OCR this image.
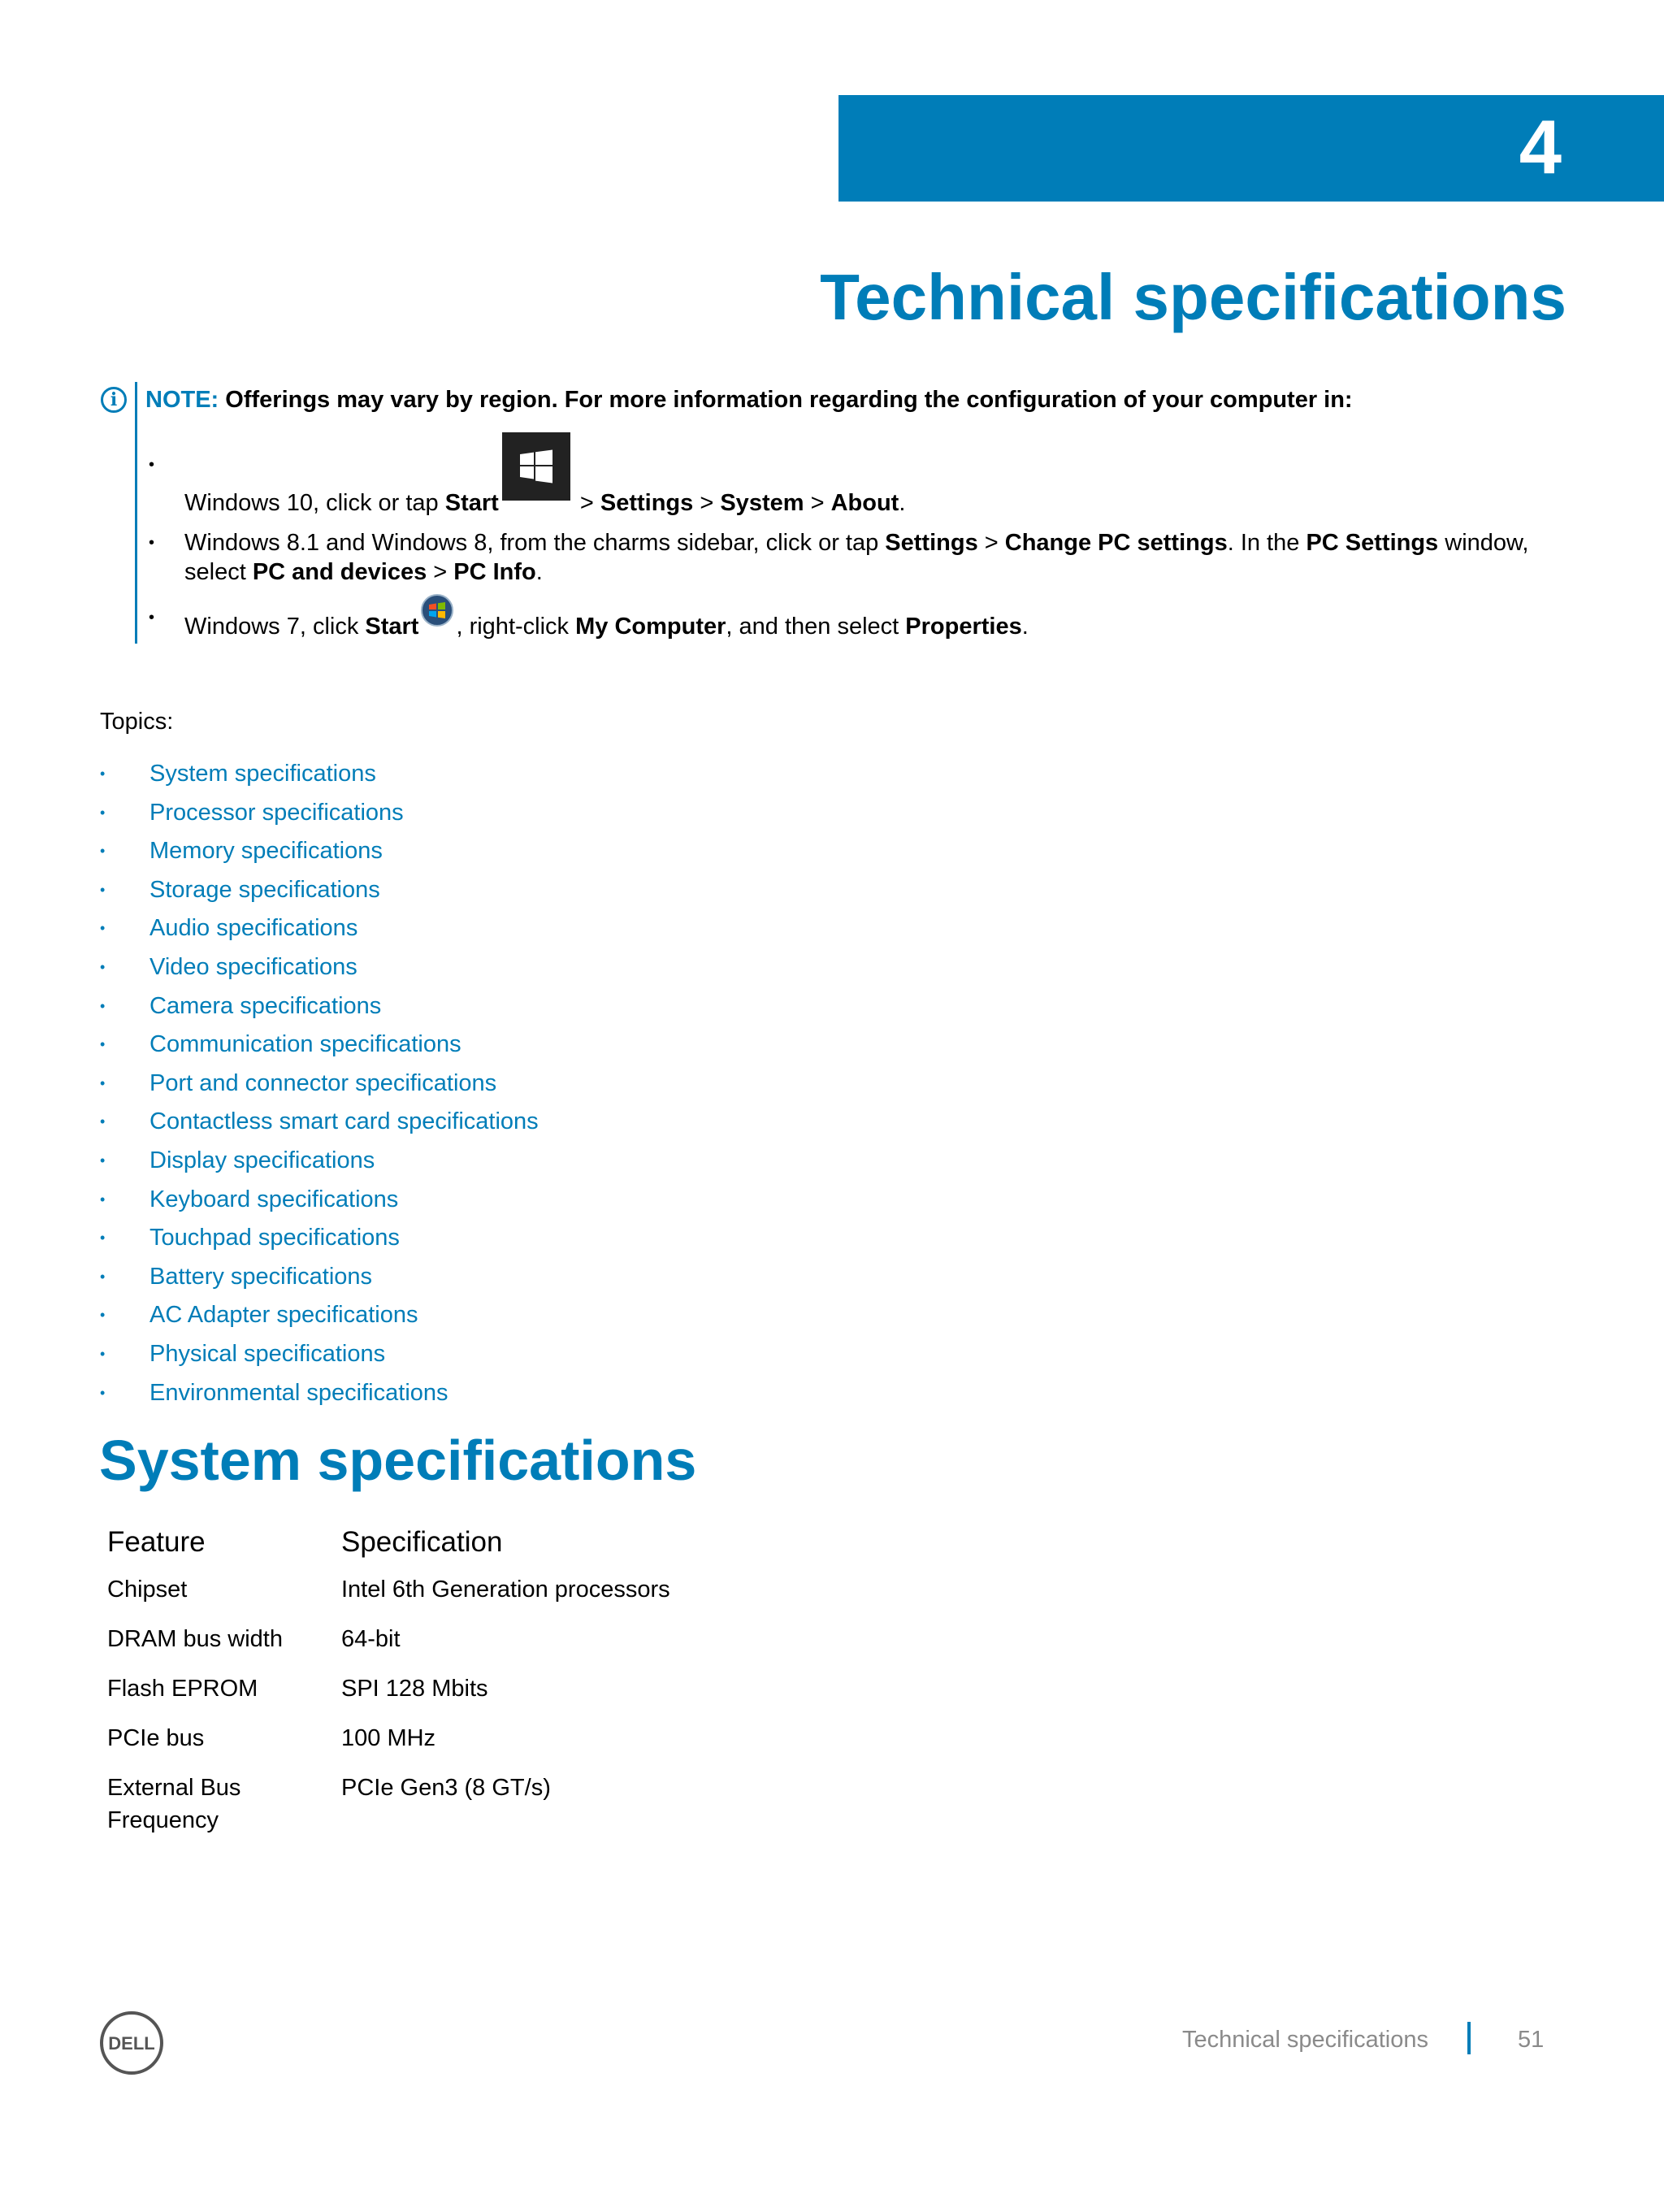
4
Technical specifications
i	NOTE: Offerings may vary by region. For more information regarding the configuration of your computer in:
• Windows 10, click or tap Start	> Settings > System > About.
• Windows 8.1 and Windows 8, from the charms sidebar, click or tap Settings > Change PC settings. In the PC Settings window, select PC and devices > PC Info.
• Windows 7, click Start , right-click My Computer, and then select Properties.
Topics:
• System specifications
• Processor specifications
• Memory specifications
• Storage specifications
• Audio specifications
• Video specifications
• Camera specifications
• Communication specifications
• Port and connector specifications
• Contactless smart card specifications
• Display specifications
• Keyboard specifications
• Touchpad specifications
• Battery specifications
• AC Adapter specifications
• Physical specifications
• Environmental specifications
System specifications
Feature	Specification
Chipset	Intel 6th Generation processors
DRAM bus width	64-bit
Flash EPROM	SPI 128 Mbits
PCIe bus	100 MHz
External Bus Frequency	PCIe Gen3 (8 GT/s)
DELL	Technical specifications	51
